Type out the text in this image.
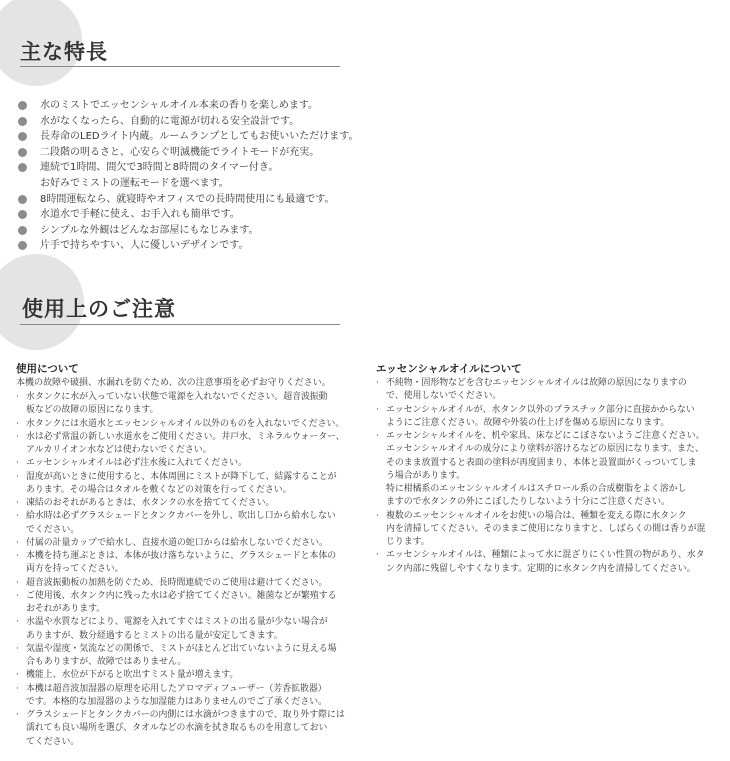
主な特長
水のミストでエッセンシャルオイル本来の香りを楽しめます。
水がなくなったら、自動的に電源が切れる安全設計です。
長寿命のLEDライト内蔵。ルームランプとしてもお使いいただけます。
二段階の明るさと、心安らぐ明滅機能でライトモードが充実。
連続で1時間、間欠で3時間と8時間のタイマー付き。
お好みでミストの運転モードを選べます。
8時間運転なら、就寝時やオフィスでの長時間使用にも最適です。
水道水で手軽に使え、お手入れも簡単です。
シンプルな外観はどんなお部屋にもなじみます。
片手で持ちやすい、人に優しいデザインです。
使用上のご注意
使用について
本機の故障や破損、水漏れを防ぐため、次の注意事項を必ずお守りください。
· 水タンクに水が入っていない状態で電源を入れないでください。超音波振動
板などの故障の原因になります。
· 水タンクには水道水とエッセンシャルオイル以外のものを入れないでください。
· 水は必ず常温の新しい水道水をご使用ください。井戸水、ミネラルウォーター、
アルカリイオン水などは使わないでください。
· エッセンシャルオイルは必ず注水後に入れてください。
· 湿度が高いときに使用すると、本体周囲にミストが降下して、結露することが
あります。その場合はタオルを敷くなどの対策を行ってください。
· 凍結のおそれがあるときは、水タンクの水を捨ててください。
· 給水時は必ずグラスシェードとタンクカバーを外し、吹出し口から給水しない
でください。
· 付属の計量カップで給水し、直接水道の蛇口からは給水しないでください。
· 本機を持ち運ぶときは、本体が抜け落ちないように、グラスシェードと本体の
両方を持ってください。
· 超音波振動板の加熱を防ぐため、長時間連続でのご使用は避けてください。
· ご使用後、水タンク内に残った水は必ず捨ててください。雑菌などが繁殖する
おそれがあります。
· 水温や水質などにより、電源を入れてすぐはミストの出る量が少ない場合が
ありますが、数分経過するとミストの出る量が安定してきます。
· 気温や湿度・気流などの関係で、ミストがほとんど出ていないように見える場
合もありますが、故障ではありません。
· 機能上、水位が下がると吹出すミスト量が増えます。
· 本機は超音波加湿器の原理を応用したアロマディフューザー（芳香拡散器）
です。本格的な加湿器のような加湿能力はありませんのでご了承ください。
· グラスシェードとタンクカバーの内側には水滴がつきますので、取り外す際には
濡れても良い場所を選び、タオルなどの水滴を拭き取るものを用意しておい
てください。
エッセンシャルオイルについて
· 不純物・固形物などを含むエッセンシャルオイルは故障の原因になりますの
で、使用しないでください。
· エッセンシャルオイルが、水タンク以外のプラスチック部分に直接かからない
ようにご注意ください。故障や外装の仕上げを傷める原因になります。
· エッセンシャルオイルを、机や家具、床などにこぼさないようご注意ください。
エッセンシャルオイルの成分により塗料が溶けるなどの原因になります。また、
そのまま放置すると表面の塗料が再度固まり、本体と設置面がくっついてしま
う場合があります。
特に柑橘系のエッセンシャルオイルはスチロール系の合成樹脂をよく溶かし
ますので水タンクの外にこぼしたりしないよう十分にご注意ください。
· 複数のエッセンシャルオイルをお使いの場合は、種類を変える際に水タンク
内を清掃してください。そのままご使用になりますと、しばらくの間は香りが混
じります。
· エッセンシャルオイルは、種類によって水に混ざりにくい性質の物があり、水タ
ンク内部に残留しやすくなります。定期的に水タンク内を清掃してください。
